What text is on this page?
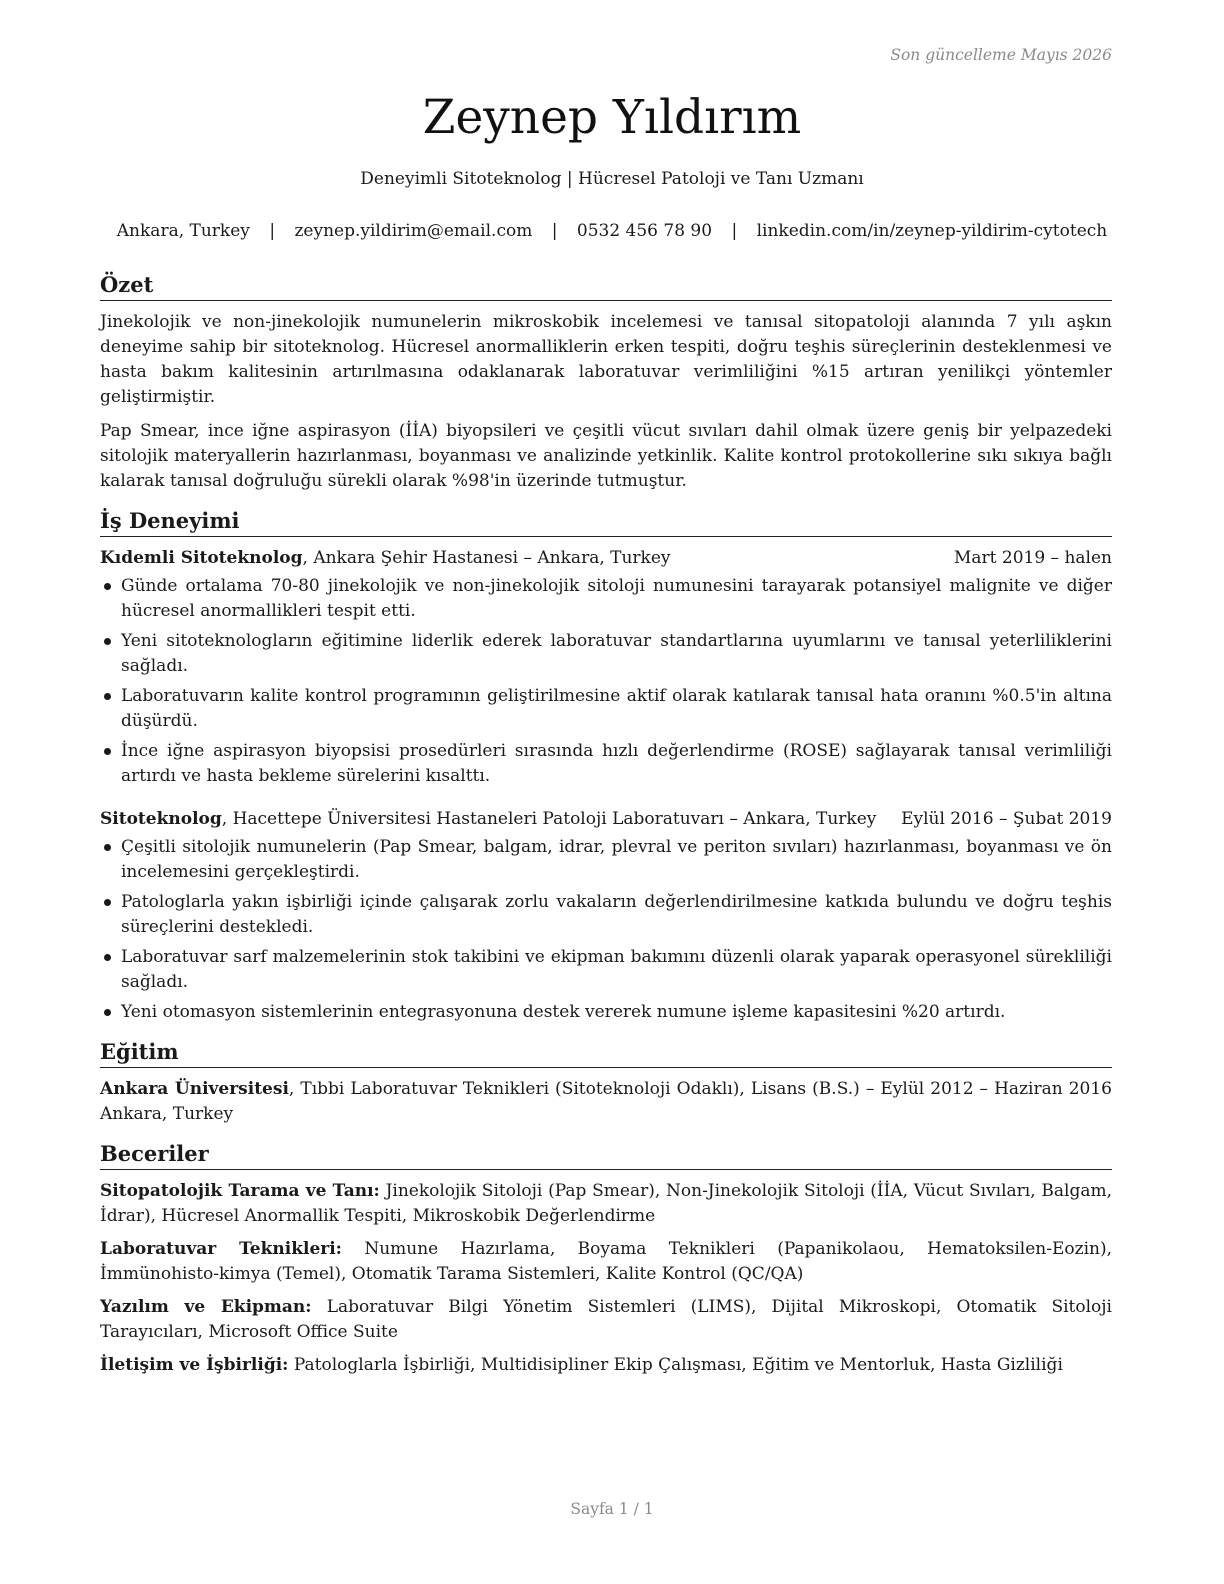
Son güncelleme Mayıs 2026
Zeynep Yıldırım
Deneyimli Sitoteknolog | Hücresel Patoloji ve Tanı Uzmanı
Ankara, Turkey | zeynep.yildirim@email.com | 0532 456 78 90 | linkedin.com/in/zeynep-yildirim-cytotech
Özet

Jinekolojik ve non-jinekolojik numunelerin mikroskobik incelemesi ve tanısal sitopatoloji alanında 7 yılı aşkın deneyime sahip bir sitoteknolog. Hücresel anormalliklerin erken tespiti, doğru teşhis süreçlerinin desteklenmesi ve hasta bakım kalitesinin artırılmasına odaklanarak laboratuvar verimliliğini %15 artıran yenilikçi yöntemler geliştirmiştir.

Pap Smear, ince iğne aspirasyon (İİA) biyopsileri ve çeşitli vücut sıvıları dahil olmak üzere geniş bir yelpazedeki sitolojik materyallerin hazırlanması, boyanması ve analizinde yetkinlik. Kalite kontrol protokollerine sıkı sıkıya bağlı kalarak tanısal doğruluğu sürekli olarak %98'in üzerinde tutmuştur.

İş Deneyimi
Kıdemli Sitoteknolog, Ankara Şehir Hastanesi – Ankara, Turkey	Mart 2019 – halen
Günde ortalama 70-80 jinekolojik ve non-jinekolojik sitoloji numunesini tarayarak potansiyel malignite ve diğer hücresel anormallikleri tespit etti.
Yeni sitoteknologların eğitimine liderlik ederek laboratuvar standartlarına uyumlarını ve tanısal yeterliliklerini sağladı.
Laboratuvarın kalite kontrol programının geliştirilmesine aktif olarak katılarak tanısal hata oranını %0.5'in altına düşürdü.
İnce iğne aspirasyon biyopsisi prosedürleri sırasında hızlı değerlendirme (ROSE) sağlayarak tanısal verimliliği artırdı ve hasta bekleme sürelerini kısalttı.
Sitoteknolog, Hacettepe Üniversitesi Hastaneleri Patoloji Laboratuvarı – Ankara, Turkey Eylül 2016 – Şubat 2019
Çeşitli sitolojik numunelerin (Pap Smear, balgam, idrar, plevral ve periton sıvıları) hazırlanması, boyanması ve ön incelemesini gerçekleştirdi.
Patologlarla yakın işbirliği içinde çalışarak zorlu vakaların değerlendirilmesine katkıda bulundu ve doğru teşhis süreçlerini destekledi.
Laboratuvar sarf malzemelerinin stok takibini ve ekipman bakımını düzenli olarak yaparak operasyonel sürekliliği sağladı.
Yeni otomasyon sistemlerinin entegrasyonuna destek vererek numune işleme kapasitesini %20 artırdı.
Eğitim

Ankara Üniversitesi, Tıbbi Laboratuvar Teknikleri (Sitoteknoloji Odaklı), Lisans (B.S.) – Eylül 2012 – Haziran 2016 Ankara, Turkey

Beceriler

Sitopatolojik Tarama ve Tanı: Jinekolojik Sitoloji (Pap Smear), Non-Jinekolojik Sitoloji (İİA, Vücut Sıvıları, Balgam, İdrar), Hücresel Anormallik Tespiti, Mikroskobik Değerlendirme

Laboratuvar Teknikleri: Numune Hazırlama, Boyama Teknikleri (Papanikolaou, Hematoksilen-Eozin), İmmünohisto-kimya (Temel), Otomatik Tarama Sistemleri, Kalite Kontrol (QC/QA)

Yazılım ve Ekipman: Laboratuvar Bilgi Yönetim Sistemleri (LIMS), Dijital Mikroskopi, Otomatik Sitoloji Tarayıcıları, Microsoft Office Suite

İletişim ve İşbirliği: Patologlarla İşbirliği, Multidisipliner Ekip Çalışması, Eğitim ve Mentorluk, Hasta Gizliliği

Sayfa 1 / 1
